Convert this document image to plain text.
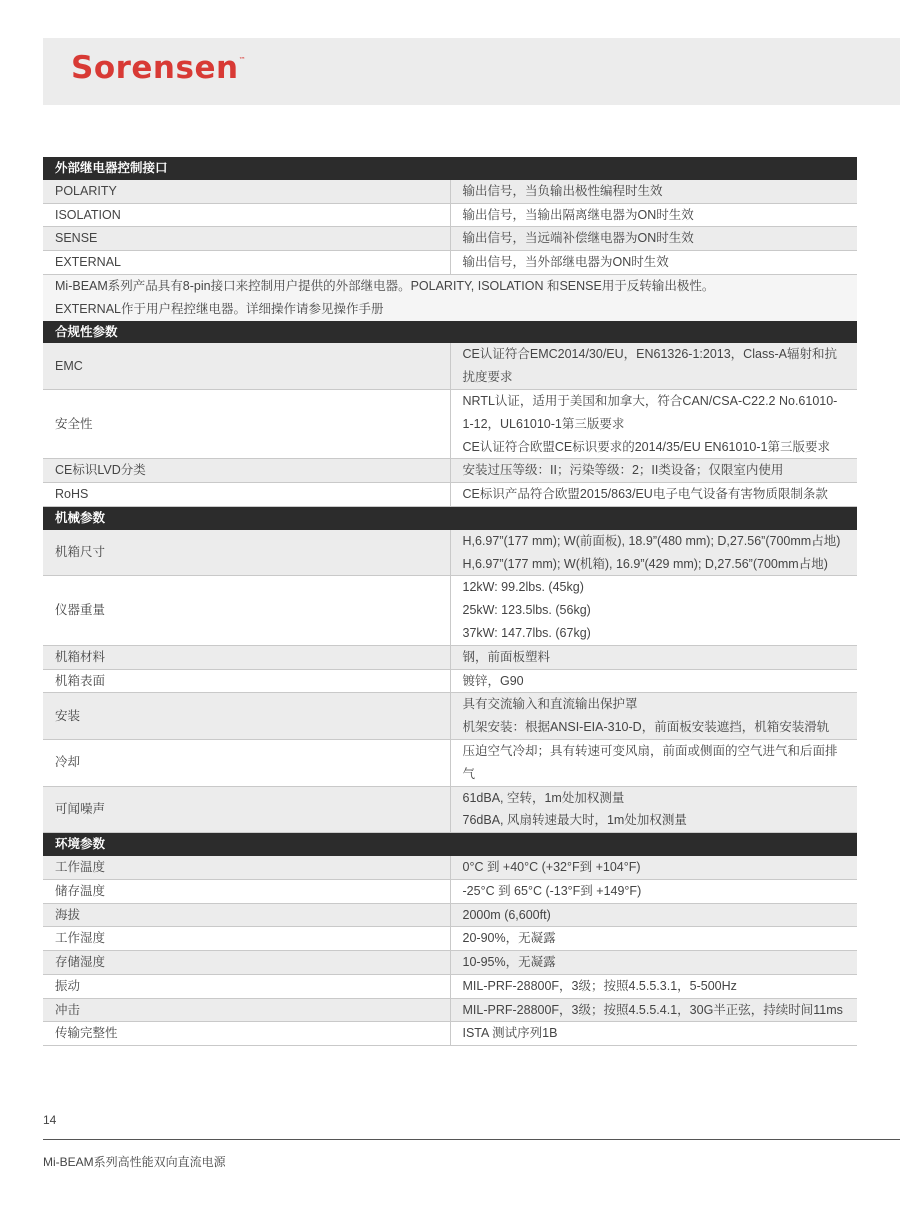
Sorensen™
外部继电器控制接口	
POLARITY	输出信号，当负输出极性编程时生效

ISOLATION	输出信号，当输出隔离继电器为ON时生效

SENSE	输出信号，当远端补偿继电器为ON时生效

EXTERNAL	输出信号，当外部继电器为ON时生效

Mi-BEAM系列产品具有8-pin接口来控制用户提供的外部继电器。POLARITY, ISOLATION 和SENSE用于反转输出极性。
EXTERNAL作于用户程控继电器。详细操作请参见操作手册	

合规性参数	
EMC	CE认证符合EMC2014/30/EU，EN61326-1:2013，Class-A辐射和抗扰度要求

安全性	NRTL认证，适用于美国和加拿大，符合CAN/CSA-C22.2 No.61010-1-12，UL61010-1第三版要求
CE认证符合欧盟CE标识要求的2014/35/EU EN61010-1第三版要求

CE标识LVD分类	安装过压等级：II；污染等级：2；II类设备；仅限室内使用

RoHS	CE标识产品符合欧盟2015/863/EU电子电气设备有害物质限制条款

机械参数	
机箱尺寸	H,6.97”(177 mm); W(前面板), 18.9”(480 mm); D,27.56”(700mm占地)
H,6.97”(177 mm); W(机箱), 16.9”(429 mm); D,27.56”(700mm占地)

仪器重量	12kW: 99.2lbs. (45kg)
25kW: 123.5lbs. (56kg)
37kW: 147.7lbs. (67kg)

机箱材料	钢，前面板塑料

机箱表面	镀锌，G90

安装	具有交流输入和直流输出保护罩
机架安装：根据ANSI-EIA-310-D，前面板安装遮挡，机箱安装滑轨

冷却	压迫空气冷却；具有转速可变风扇，前面或侧面的空气进气和后面排气

可闻噪声	61dBA, 空转，1m处加权测量
76dBA, 风扇转速最大时，1m处加权测量

环境参数	
工作温度	0°C 到 +40°C (+32°F到 +104°F)

储存温度	-25°C 到 65°C (-13°F到 +149°F)

海拔	2000m (6,600ft)

工作湿度	20-90%，无凝露

存储湿度	10-95%，无凝露

振动	MIL-PRF-28800F，3级；按照4.5.5.3.1，5-500Hz

冲击	MIL-PRF-28800F，3级；按照4.5.5.4.1，30G半正弦，持续时间11ms

传输完整性	ISTA 测试序列1B
14
Mi-BEAM系列高性能双向直流电源
